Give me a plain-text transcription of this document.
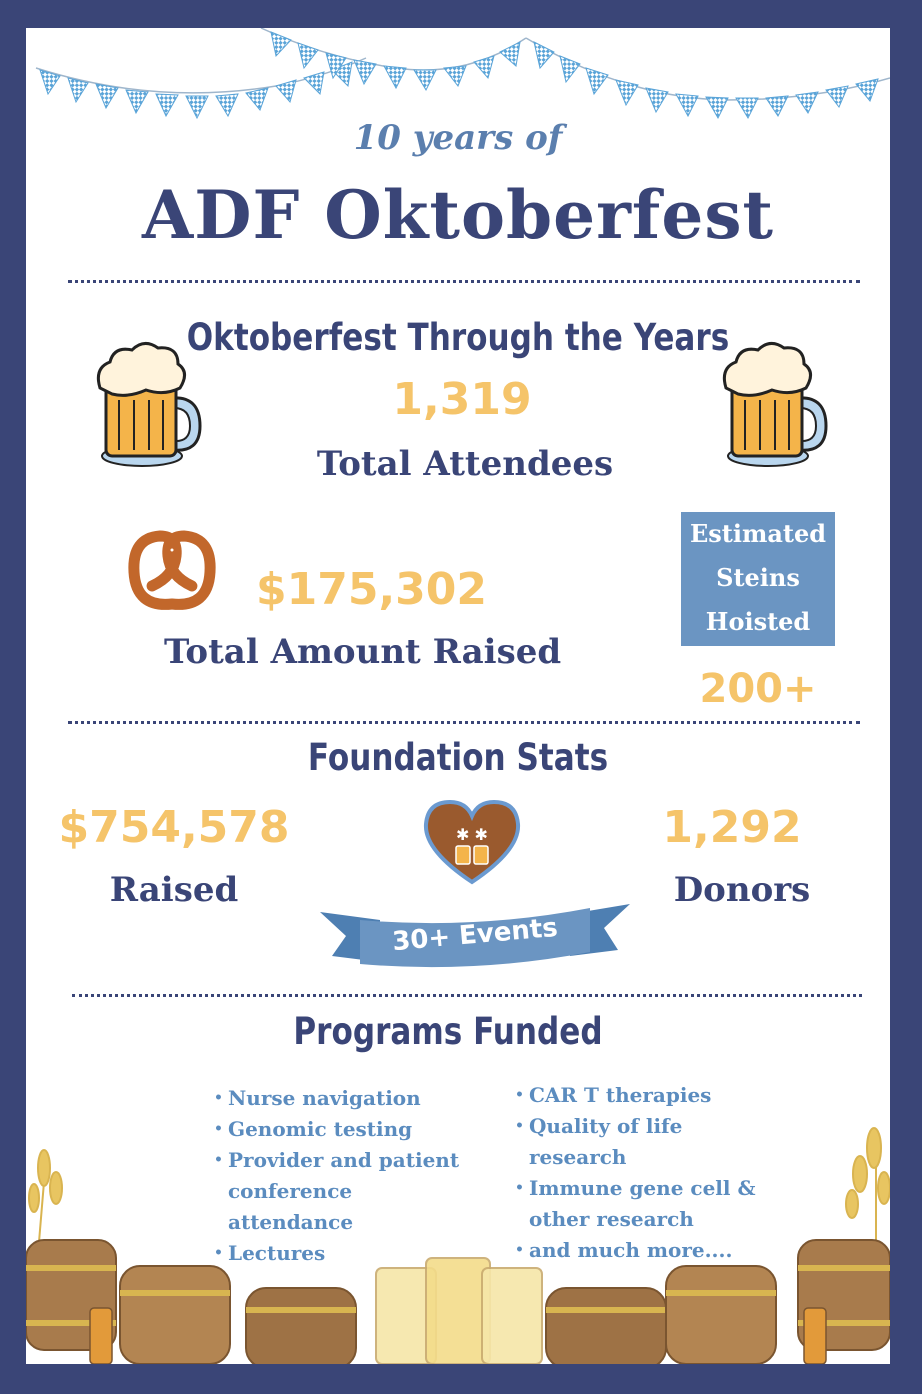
10 years of
ADF Oktoberfest
Oktoberfest Through the Years
1,319
Total Attendees
$175,302
Total Amount Raised
Estimated
Steins
Hoisted
200+
Foundation Stats
$754,578
Raised
✱ ✱	1,292
Donors
30+ Events
Programs Funded
• Nurse navigation
• Genomic testing
• Provider and patient
conference
attendance
• Lectures
• CAR T therapies
• Quality of life
research
• Immune gene cell &
other research
• and much more....
